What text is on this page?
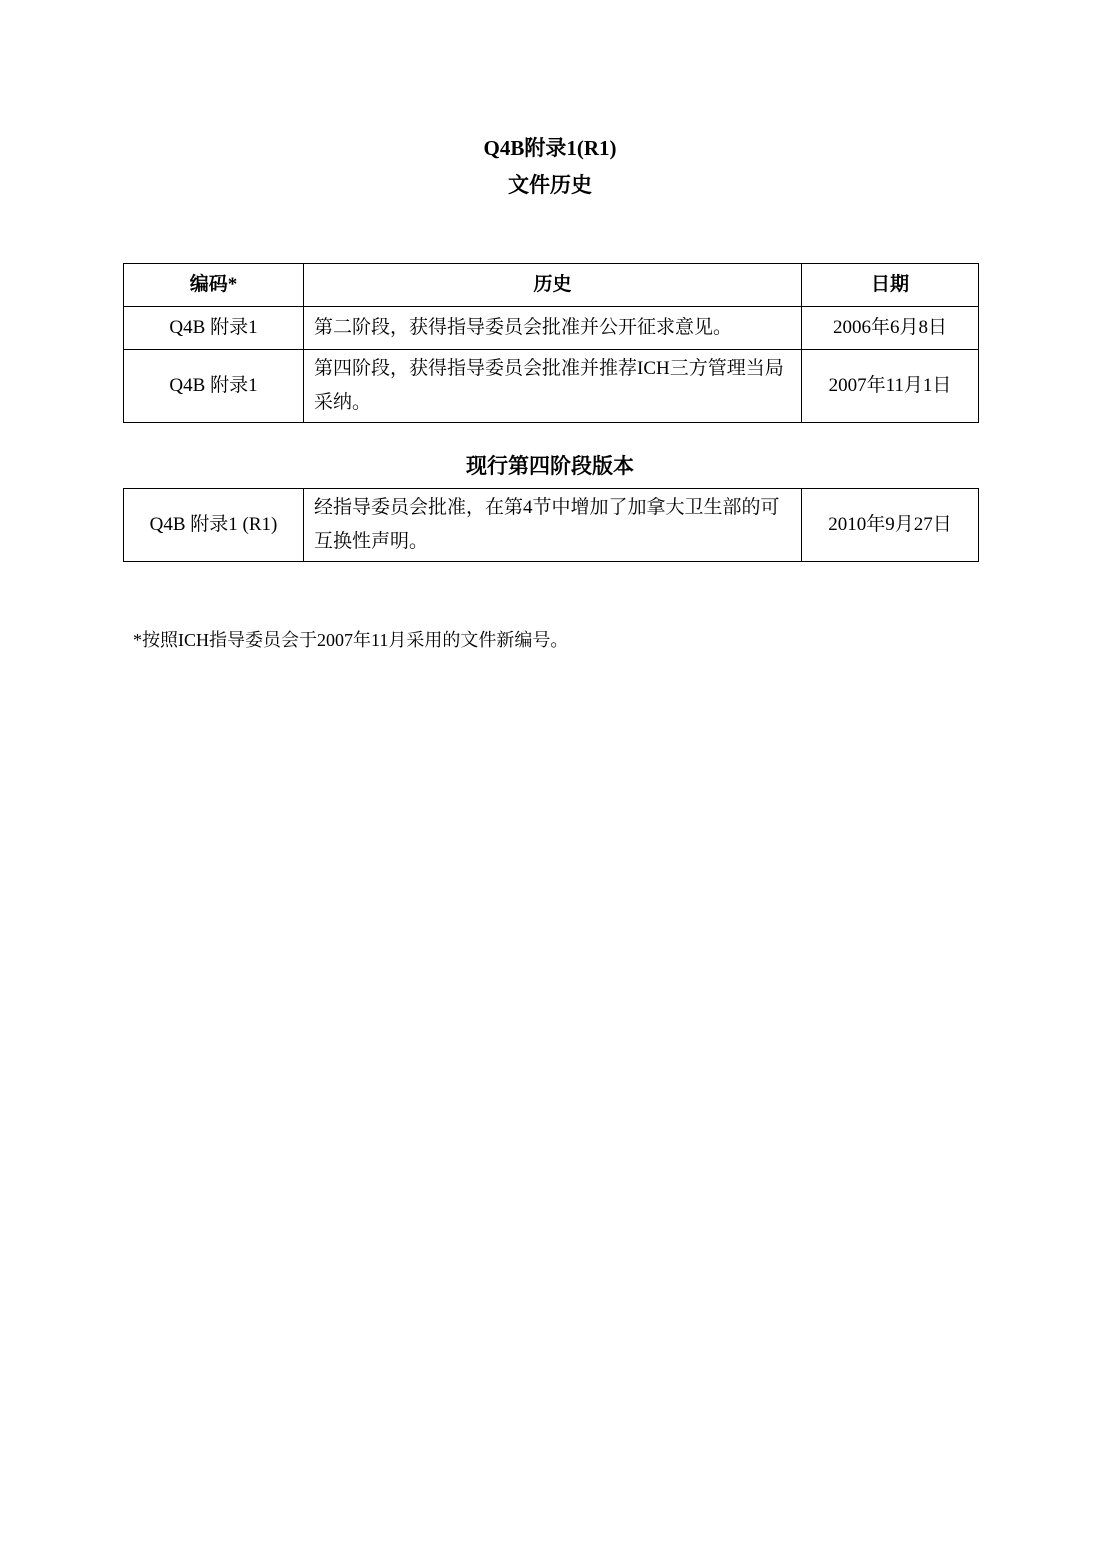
Q4B附录1(R1)
文件历史
编码*	历史	日期
Q4B 附录1	第二阶段，获得指导委员会批准并公开征求意见。	2006年6月8日
Q4B 附录1	第四阶段，获得指导委员会批准并推荐ICH三方管理当局采纳。	2007年11月1日
现行第四阶段版本
Q4B 附录1 (R1)	经指导委员会批准，在第4节中增加了加拿大卫生部的可互换性声明。	2010年9月27日
*按照ICH指导委员会于2007年11月采用的文件新编号。
